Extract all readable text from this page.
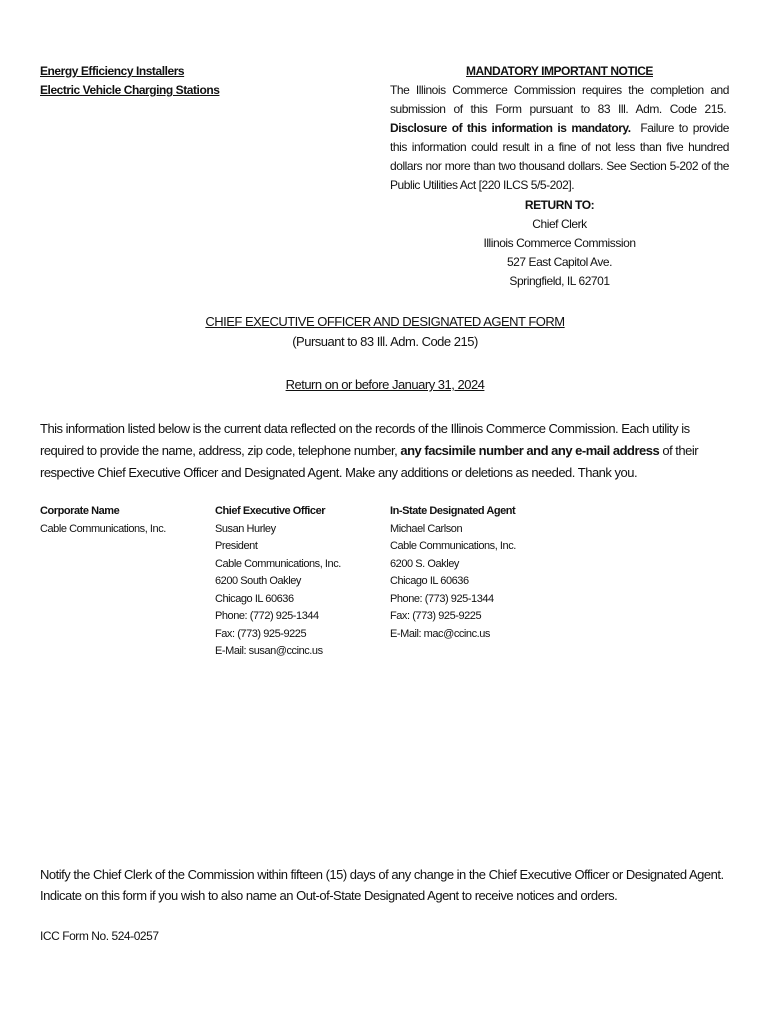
Energy Efficiency Installers
Electric Vehicle Charging Stations
MANDATORY IMPORTANT NOTICE
The Illinois Commerce Commission requires the completion and submission of this Form pursuant to 83 Ill. Adm. Code 215.  Disclosure of this information is mandatory. Failure to provide this information could result in a fine of not less than five hundred dollars nor more than two thousand dollars. See Section 5-202 of the Public Utilities Act [220 ILCS 5/5-202].
RETURN TO:
Chief Clerk
Illinois Commerce Commission
527 East Capitol Ave.
Springfield, IL 62701
CHIEF EXECUTIVE OFFICER AND DESIGNATED AGENT FORM
(Pursuant to 83 Ill. Adm. Code 215)
Return on or before January 31, 2024
This information listed below is the current data reflected on the records of the Illinois Commerce Commission. Each utility is required to provide the name, address, zip code, telephone number, any facsimile number and any e-mail address of their respective Chief Executive Officer and Designated Agent. Make any additions or deletions as needed. Thank you.
Corporate Name
Cable Communications, Inc.
Chief Executive Officer
Susan Hurley
President
Cable Communications, Inc.
6200 South Oakley
Chicago IL 60636
Phone: (772) 925-1344
Fax: (773) 925-9225
E-Mail: susan@ccinc.us
In-State Designated Agent
Michael Carlson
Cable Communications, Inc.
6200 S. Oakley
Chicago IL 60636
Phone: (773) 925-1344
Fax: (773) 925-9225
E-Mail: mac@ccinc.us
Notify the Chief Clerk of the Commission within fifteen (15) days of any change in the Chief Executive Officer or Designated Agent.
Indicate on this form if you wish to also name an Out-of-State Designated Agent to receive notices and orders.
ICC Form No. 524-0257
